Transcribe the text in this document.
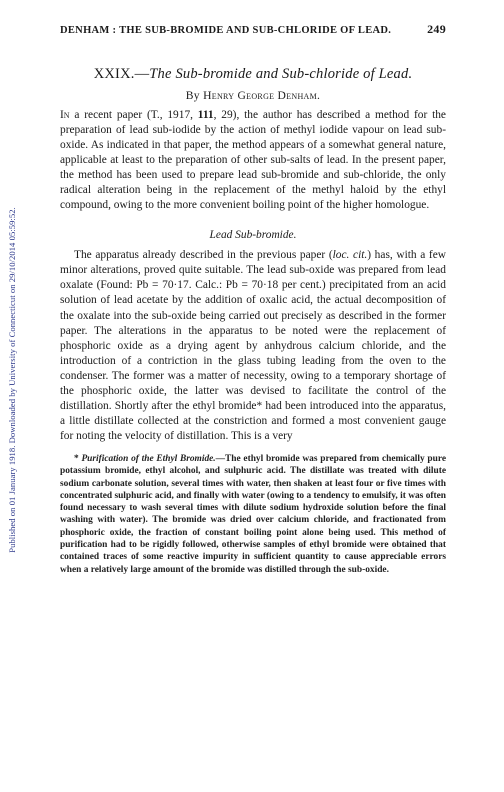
Published on 01 January 1918. Downloaded by University of Connecticut on 29/10/2014 05:59:52.
DENHAM : THE SUB-BROMIDE AND SUB-CHLORIDE OF LEAD.	249
XXIX.—The Sub-bromide and Sub-chloride of Lead.
By Henry George Denham.

In a recent paper (T., 1917, 111, 29), the author has described a method for the preparation of lead sub-iodide by the action of methyl iodide vapour on lead sub-oxide. As indicated in that paper, the method appears of a somewhat general nature, applicable at least to the preparation of other sub-salts of lead. In the present paper, the method has been used to prepare lead sub-bromide and sub-chloride, the only radical alteration being in the replacement of the methyl haloid by the ethyl compound, owing to the more convenient boiling point of the higher homologue.

Lead Sub-bromide.

The apparatus already described in the previous paper (loc. cit.) has, with a few minor alterations, proved quite suitable. The lead sub-oxide was prepared from lead oxalate (Found: Pb = 70·17. Calc.: Pb = 70·18 per cent.) precipitated from an acid solution of lead acetate by the addition of oxalic acid, the actual decomposition of the oxalate into the sub-oxide being carried out precisely as described in the former paper. The alterations in the apparatus to be noted were the replacement of phosphoric oxide as a drying agent by anhydrous calcium chloride, and the introduction of a contriction in the glass tubing leading from the oven to the condenser. The former was a matter of necessity, owing to a temporary shortage of the phosphoric oxide, the latter was devised to facilitate the control of the distillation. Shortly after the ethyl bromide* had been introduced into the apparatus, a little distillate collected at the constriction and formed a most convenient gauge for noting the velocity of distillation. This is a very

* Purification of the Ethyl Bromide.—The ethyl bromide was prepared from chemically pure potassium bromide, ethyl alcohol, and sulphuric acid. The distillate was treated with dilute sodium carbonate solution, several times with water, then shaken at least four or five times with concentrated sulphuric acid, and finally with water (owing to a tendency to emulsify, it was often found necessary to wash several times with dilute sodium hydroxide solution before the final washing with water). The bromide was dried over calcium chloride, and fractionated from phosphoric oxide, the fraction of constant boiling point alone being used. This method of purification had to be rigidly followed, otherwise samples of ethyl bromide were obtained that contained traces of some reactive impurity in sufficient quantity to cause appreciable errors when a relatively large amount of the bromide was distilled through the sub-oxide.
